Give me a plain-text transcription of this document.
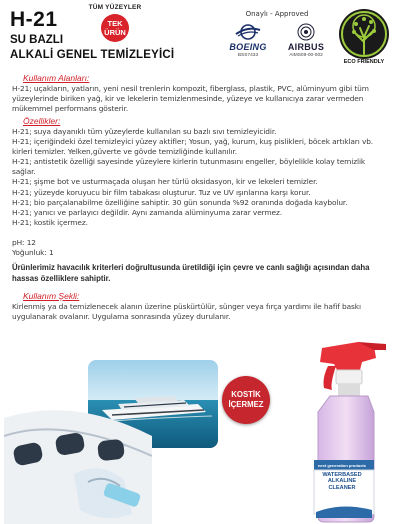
H-21
SU BAZLI
ALKALİ GENEL TEMİZLEYİCİ
TÜM YÜZEYLER
TEK
ÜRÜN
Onaylı - Approved
BOEING
BSS7433
AIRBUS
AIMS09-00-002
ECO FRIENDLY
Kullanım Alanları:
H-21; uçakların, yatların, yeni nesil trenlerin kompozit, fiberglass, plastik, PVC, alüminyum gibi tüm yüzeylerinde biriken yağ, kir ve lekelerin temizlenmesinde, yüzeye ve kullanıcıya zarar vermeden mükemmel performans gösterir.
Özellikler:

H-21; suya dayanıklı tüm yüzeylerde kullanılan su bazlı sıvı temizleyicidir.

H-21; içeriğindeki özel temizleyici yüzey aktifler; Yosun, yağ, kurum, kuş pislikleri, böcek artıkları vb. kirleri temizler. Yelken,güverte ve gövde temizliğinde kullanılır.

H-21; antistetik özelliği sayesinde yüzeylere kirlerin tutunmasını engeller, böylelikle kolay temizlik sağlar.

H-21; şişme bot ve usturmaçada oluşan her türlü oksidasyon, kir ve lekeleri temizler.

H-21; yüzeyde koruyucu bir film tabakası oluşturur. Tuz ve UV ışınlarına karşı korur.

H-21; bio parçalanabilme özelliğine sahiptir. 30 gün sonunda %92 oranında doğada kaybolur.

H-21; yanıcı ve parlayıcı değildir. Aynı zamanda alüminyuma zarar vermez.

H-21; kostik içermez.

pH: 12

Yoğunluk: 1

Ürünlerimiz havacılık kriterleri doğrultusunda üretildiği için çevre ve canlı sağlığı açısından daha hassas özelliklere sahiptir.
Kullanım Şekli:
Kirlenmiş ya da temizlenecek alanın üzerine püskürtülür, sünger veya fırça yardımı ile hafif baskı uygulanarak ovalanır. Uygulama sonrasında yüzey durulanır.
KOSTİK
İÇERMEZ
next generation products
WATERBASED ALKALINE CLEANER
